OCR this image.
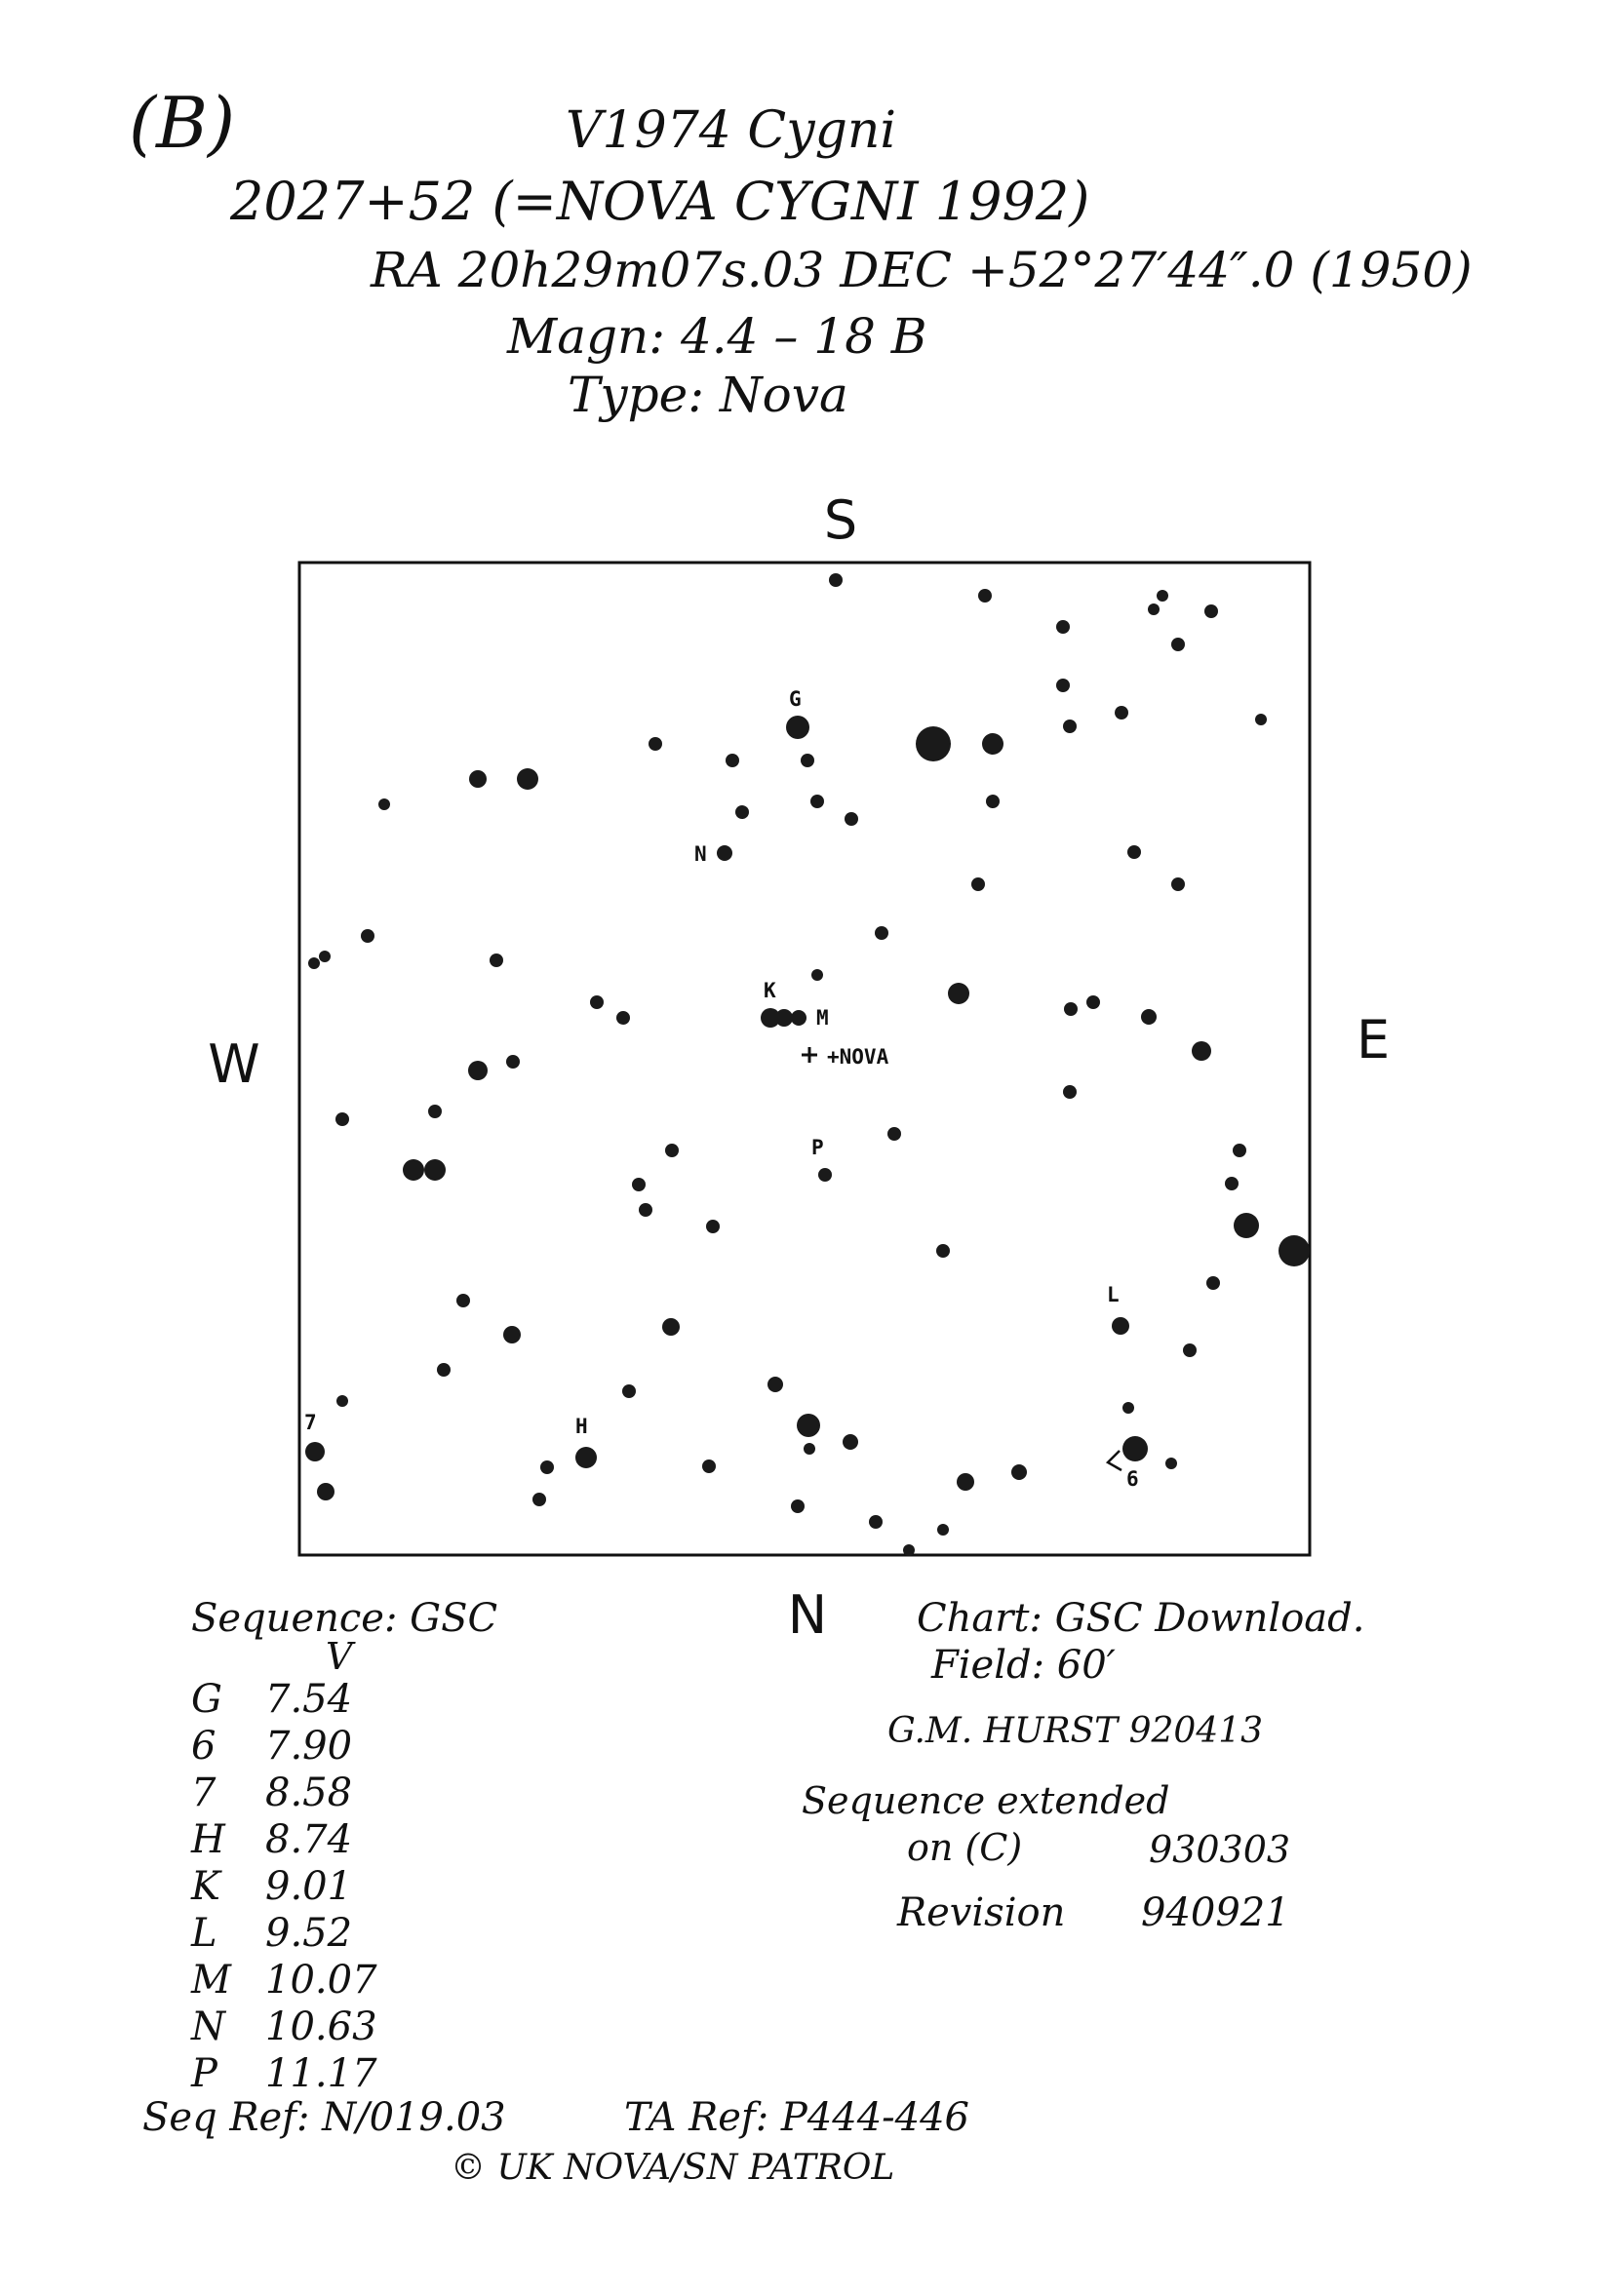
(B)	V1974 Cygni
2027+52 (=NOVA CYGNI 1992)
RA 20h29m07s.03 DEC +52°27′44″.0 (1950)
Magn: 4.4 – 18 B
Type: Nova
S
N
W	E
+NOVA
G
K
M
N
P
L
H
7
6
Sequence: GSC
V
G	7.54
6	7.90
7	8.58
H	8.74
K	9.01
L	9.52
M 10.07
N	10.63
P	11.17
Chart: GSC Download.
Field: 60′
G.M. HURST 920413
Sequence extended
on (C)	930303
Revision 940921
Seq Ref: N/019.03	TA Ref: P444-446
© UK NOVA/SN PATROL
